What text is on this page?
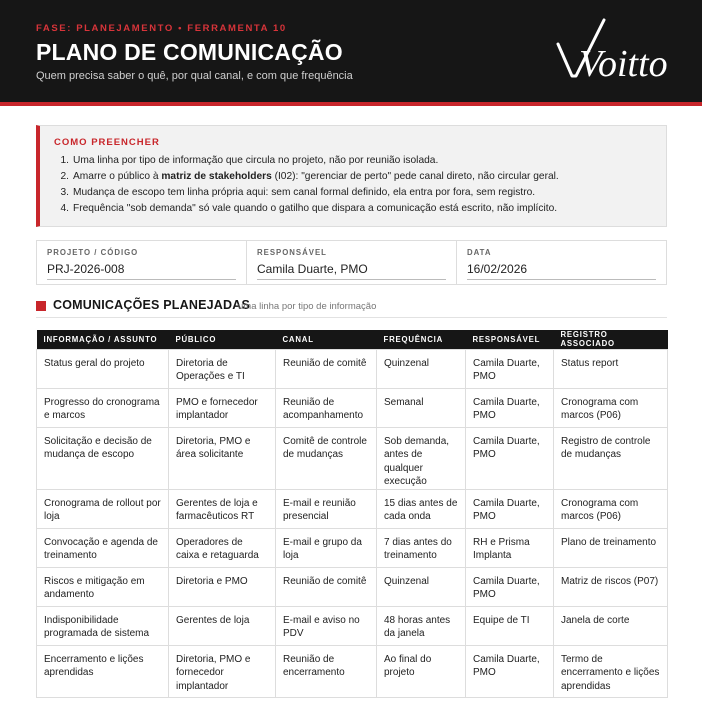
FASE: PLANEJAMENTO • FERRAMENTA 10
PLANO DE COMUNICAÇÃO
Quem precisa saber o quê, por qual canal, e com que frequência	Voitto
COMO PREENCHER
1. Uma linha por tipo de informação que circula no projeto, não por reunião isolada.
2. Amarre o público à matriz de stakeholders (I02): "gerenciar de perto" pede canal direto, não circular geral.
3. Mudança de escopo tem linha própria aqui: sem canal formal definido, ela entra por fora, sem registro.
4. Frequência "sob demanda" só vale quando o gatilho que dispara a comunicação está escrito, não implícito.
PROJETO / CÓDIGO
PRJ-2026-008
RESPONSÁVEL
Camila Duarte, PMO
DATA
16/02/2026
COMUNICAÇÕES PLANEJADAS
uma linha por tipo de informação
INFORMAÇÃO / ASSUNTO	PÚBLICO	CANAL	FREQUÊNCIA	RESPONSÁVEL	REGISTRO ASSOCIADO
Status geral do projeto	Diretoria de Operações e TI	Reunião de comitê	Quinzenal	Camila Duarte, PMO	Status report
Progresso do cronograma e marcos	PMO e fornecedor implantador	Reunião de acompanhamento	Semanal	Camila Duarte, PMO	Cronograma com marcos (P06)
Solicitação e decisão de mudança de escopo	Diretoria, PMO e área solicitante	Comitê de controle de mudanças	Sob demanda, antes de qualquer execução	Camila Duarte, PMO	Registro de controle de mudanças
Cronograma de rollout por loja	Gerentes de loja e farmacêuticos RT	E-mail e reunião presencial	15 dias antes de cada onda	Camila Duarte, PMO	Cronograma com marcos (P06)
Convocação e agenda de treinamento	Operadores de caixa e retaguarda	E-mail e grupo da loja	7 dias antes do treinamento	RH e Prisma Implanta	Plano de treinamento
Riscos e mitigação em andamento	Diretoria e PMO	Reunião de comitê	Quinzenal	Camila Duarte, PMO	Matriz de riscos (P07)
Indisponibilidade programada de sistema	Gerentes de loja	E-mail e aviso no PDV	48 horas antes da janela	Equipe de TI	Janela de corte
Encerramento e lições aprendidas	Diretoria, PMO e fornecedor implantador	Reunião de encerramento	Ao final do projeto	Camila Duarte, PMO	Termo de encerramento e lições aprendidas
